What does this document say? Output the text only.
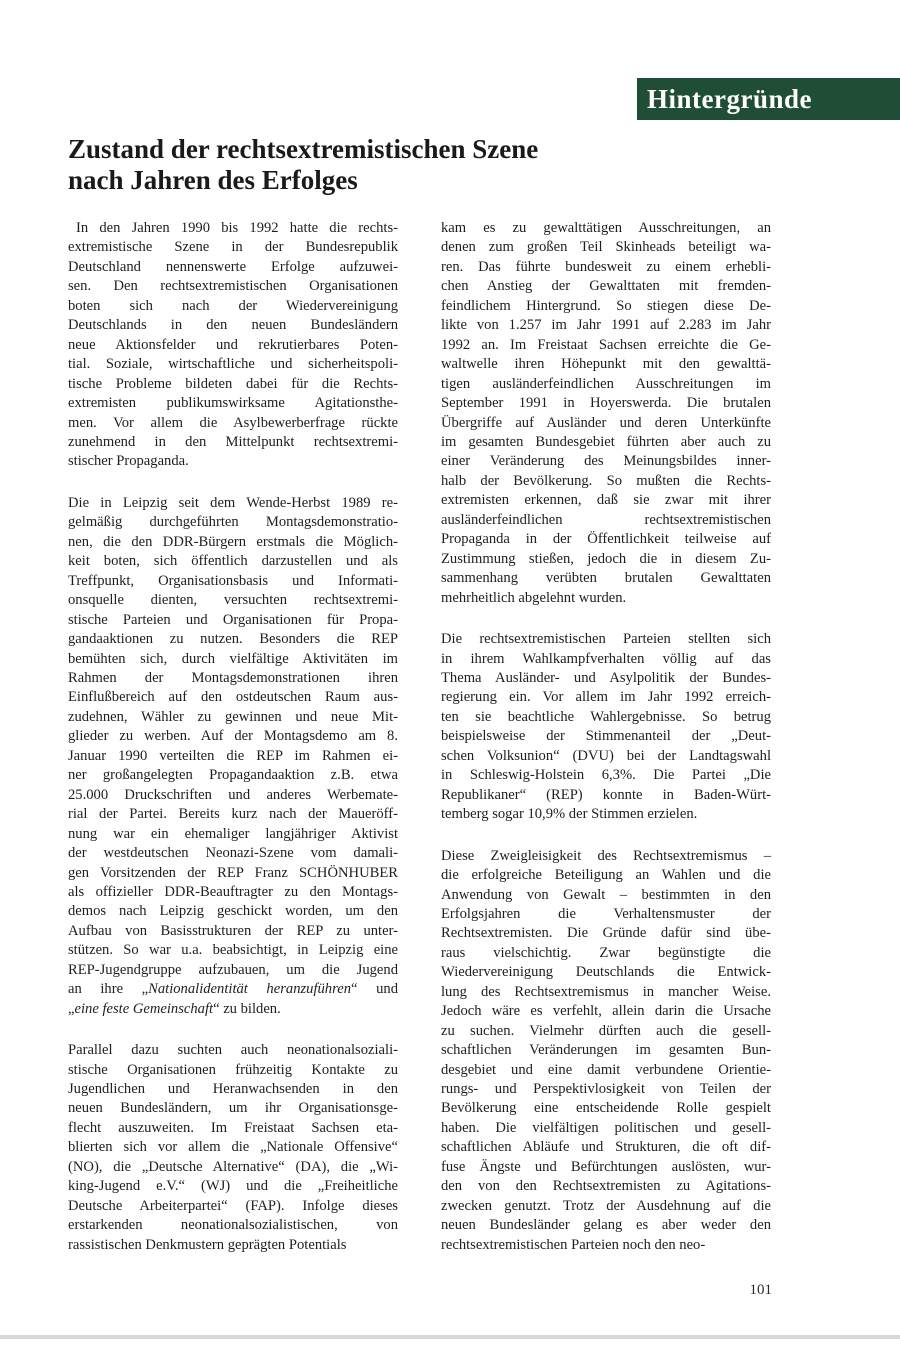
Hintergründe
Zustand der rechtsextremistischen Szene
nach Jahren des Erfolges

In den Jahren 1990 bis 1992 hatte die rechts-
extremistische Szene in der Bundesrepublik
Deutschland nennenswerte Erfolge aufzuwei-
sen. Den rechtsextremistischen Organisationen
boten sich nach der Wiedervereinigung
Deutschlands in den neuen Bundesländern
neue Aktionsfelder und rekrutierbares Poten-
tial. Soziale, wirtschaftliche und sicherheitspoli-
tische Probleme bildeten dabei für die Rechts-
extremisten publikumswirksame Agitationsthe-
men. Vor allem die Asylbewerberfrage rückte
zunehmend in den Mittelpunkt rechtsextremi-
stischer Propaganda.

Die in Leipzig seit dem Wende-Herbst 1989 re-
gelmäßig durchgeführten Montagsdemonstratio-
nen, die den DDR-Bürgern erstmals die Möglich-
keit boten, sich öffentlich darzustellen und als
Treffpunkt, Organisationsbasis und Informati-
onsquelle dienten, versuchten rechtsextremi-
stische Parteien und Organisationen für Propa-
gandaaktionen zu nutzen. Besonders die REP
bemühten sich, durch vielfältige Aktivitäten im
Rahmen der Montagsdemonstrationen ihren
Einflußbereich auf den ostdeutschen Raum aus-
zudehnen, Wähler zu gewinnen und neue Mit-
glieder zu werben. Auf der Montagsdemo am 8.
Januar 1990 verteilten die REP im Rahmen ei-
ner großangelegten Propagandaaktion z.B. etwa
25.000 Druckschriften und anderes Werbemate-
rial der Partei. Bereits kurz nach der Maueröff-
nung war ein ehemaliger langjähriger Aktivist
der westdeutschen Neonazi-Szene vom damali-
gen Vorsitzenden der REP Franz SCHÖNHUBER
als offizieller DDR-Beauftragter zu den Montags-
demos nach Leipzig geschickt worden, um den
Aufbau von Basisstrukturen der REP zu unter-
stützen. So war u.a. beabsichtigt, in Leipzig eine
REP-Jugendgruppe aufzubauen, um die Jugend
an ihre „Nationalidentität heranzuführen“ und
„eine feste Gemeinschaft“ zu bilden.

Parallel dazu suchten auch neonationalsoziali-
stische Organisationen frühzeitig Kontakte zu
Jugendlichen und Heranwachsenden in den
neuen Bundesländern, um ihr Organisationsge-
flecht auszuweiten. Im Freistaat Sachsen eta-
blierten sich vor allem die „Nationale Offensive“
(NO), die „Deutsche Alternative“ (DA), die „Wi-
king-Jugend e.V.“ (WJ) und die „Freiheitliche
Deutsche Arbeiterpartei“ (FAP). Infolge dieses
erstarkenden neonationalsozialistischen, von
rassistischen Denkmustern geprägten Potentials

kam es zu gewalttätigen Ausschreitungen, an
denen zum großen Teil Skinheads beteiligt wa-
ren. Das führte bundesweit zu einem erhebli-
chen Anstieg der Gewalttaten mit fremden-
feindlichem Hintergrund. So stiegen diese De-
likte von 1.257 im Jahr 1991 auf 2.283 im Jahr
1992 an. Im Freistaat Sachsen erreichte die Ge-
waltwelle ihren Höhepunkt mit den gewalttä-
tigen ausländerfeindlichen Ausschreitungen im
September 1991 in Hoyerswerda. Die brutalen
Übergriffe auf Ausländer und deren Unterkünfte
im gesamten Bundesgebiet führten aber auch zu
einer Veränderung des Meinungsbildes inner-
halb der Bevölkerung. So mußten die Rechts-
extremisten erkennen, daß sie zwar mit ihrer
ausländerfeindlichen rechtsextremistischen
Propaganda in der Öffentlichkeit teilweise auf
Zustimmung stießen, jedoch die in diesem Zu-
sammenhang verübten brutalen Gewalttaten
mehrheitlich abgelehnt wurden.

Die rechtsextremistischen Parteien stellten sich
in ihrem Wahlkampfverhalten völlig auf das
Thema Ausländer- und Asylpolitik der Bundes-
regierung ein. Vor allem im Jahr 1992 erreich-
ten sie beachtliche Wahlergebnisse. So betrug
beispielsweise der Stimmenanteil der „Deut-
schen Volksunion“ (DVU) bei der Landtagswahl
in Schleswig-Holstein 6,3%. Die Partei „Die
Republikaner“ (REP) konnte in Baden-Würt-
temberg sogar 10,9% der Stimmen erzielen.

Diese Zweigleisigkeit des Rechtsextremismus –
die erfolgreiche Beteiligung an Wahlen und die
Anwendung von Gewalt – bestimmten in den
Erfolgsjahren die Verhaltensmuster der
Rechtsextremisten. Die Gründe dafür sind übe-
raus vielschichtig. Zwar begünstigte die
Wiedervereinigung Deutschlands die Entwick-
lung des Rechtsextremismus in mancher Weise.
Jedoch wäre es verfehlt, allein darin die Ursache
zu suchen. Vielmehr dürften auch die gesell-
schaftlichen Veränderungen im gesamten Bun-
desgebiet und eine damit verbundene Orientie-
rungs- und Perspektivlosigkeit von Teilen der
Bevölkerung eine entscheidende Rolle gespielt
haben. Die vielfältigen politischen und gesell-
schaftlichen Abläufe und Strukturen, die oft dif-
fuse Ängste und Befürchtungen auslösten, wur-
den von den Rechtsextremisten zu Agitations-
zwecken genutzt. Trotz der Ausdehnung auf die
neuen Bundesländer gelang es aber weder den
rechtsextremistischen Parteien noch den neo-

101
